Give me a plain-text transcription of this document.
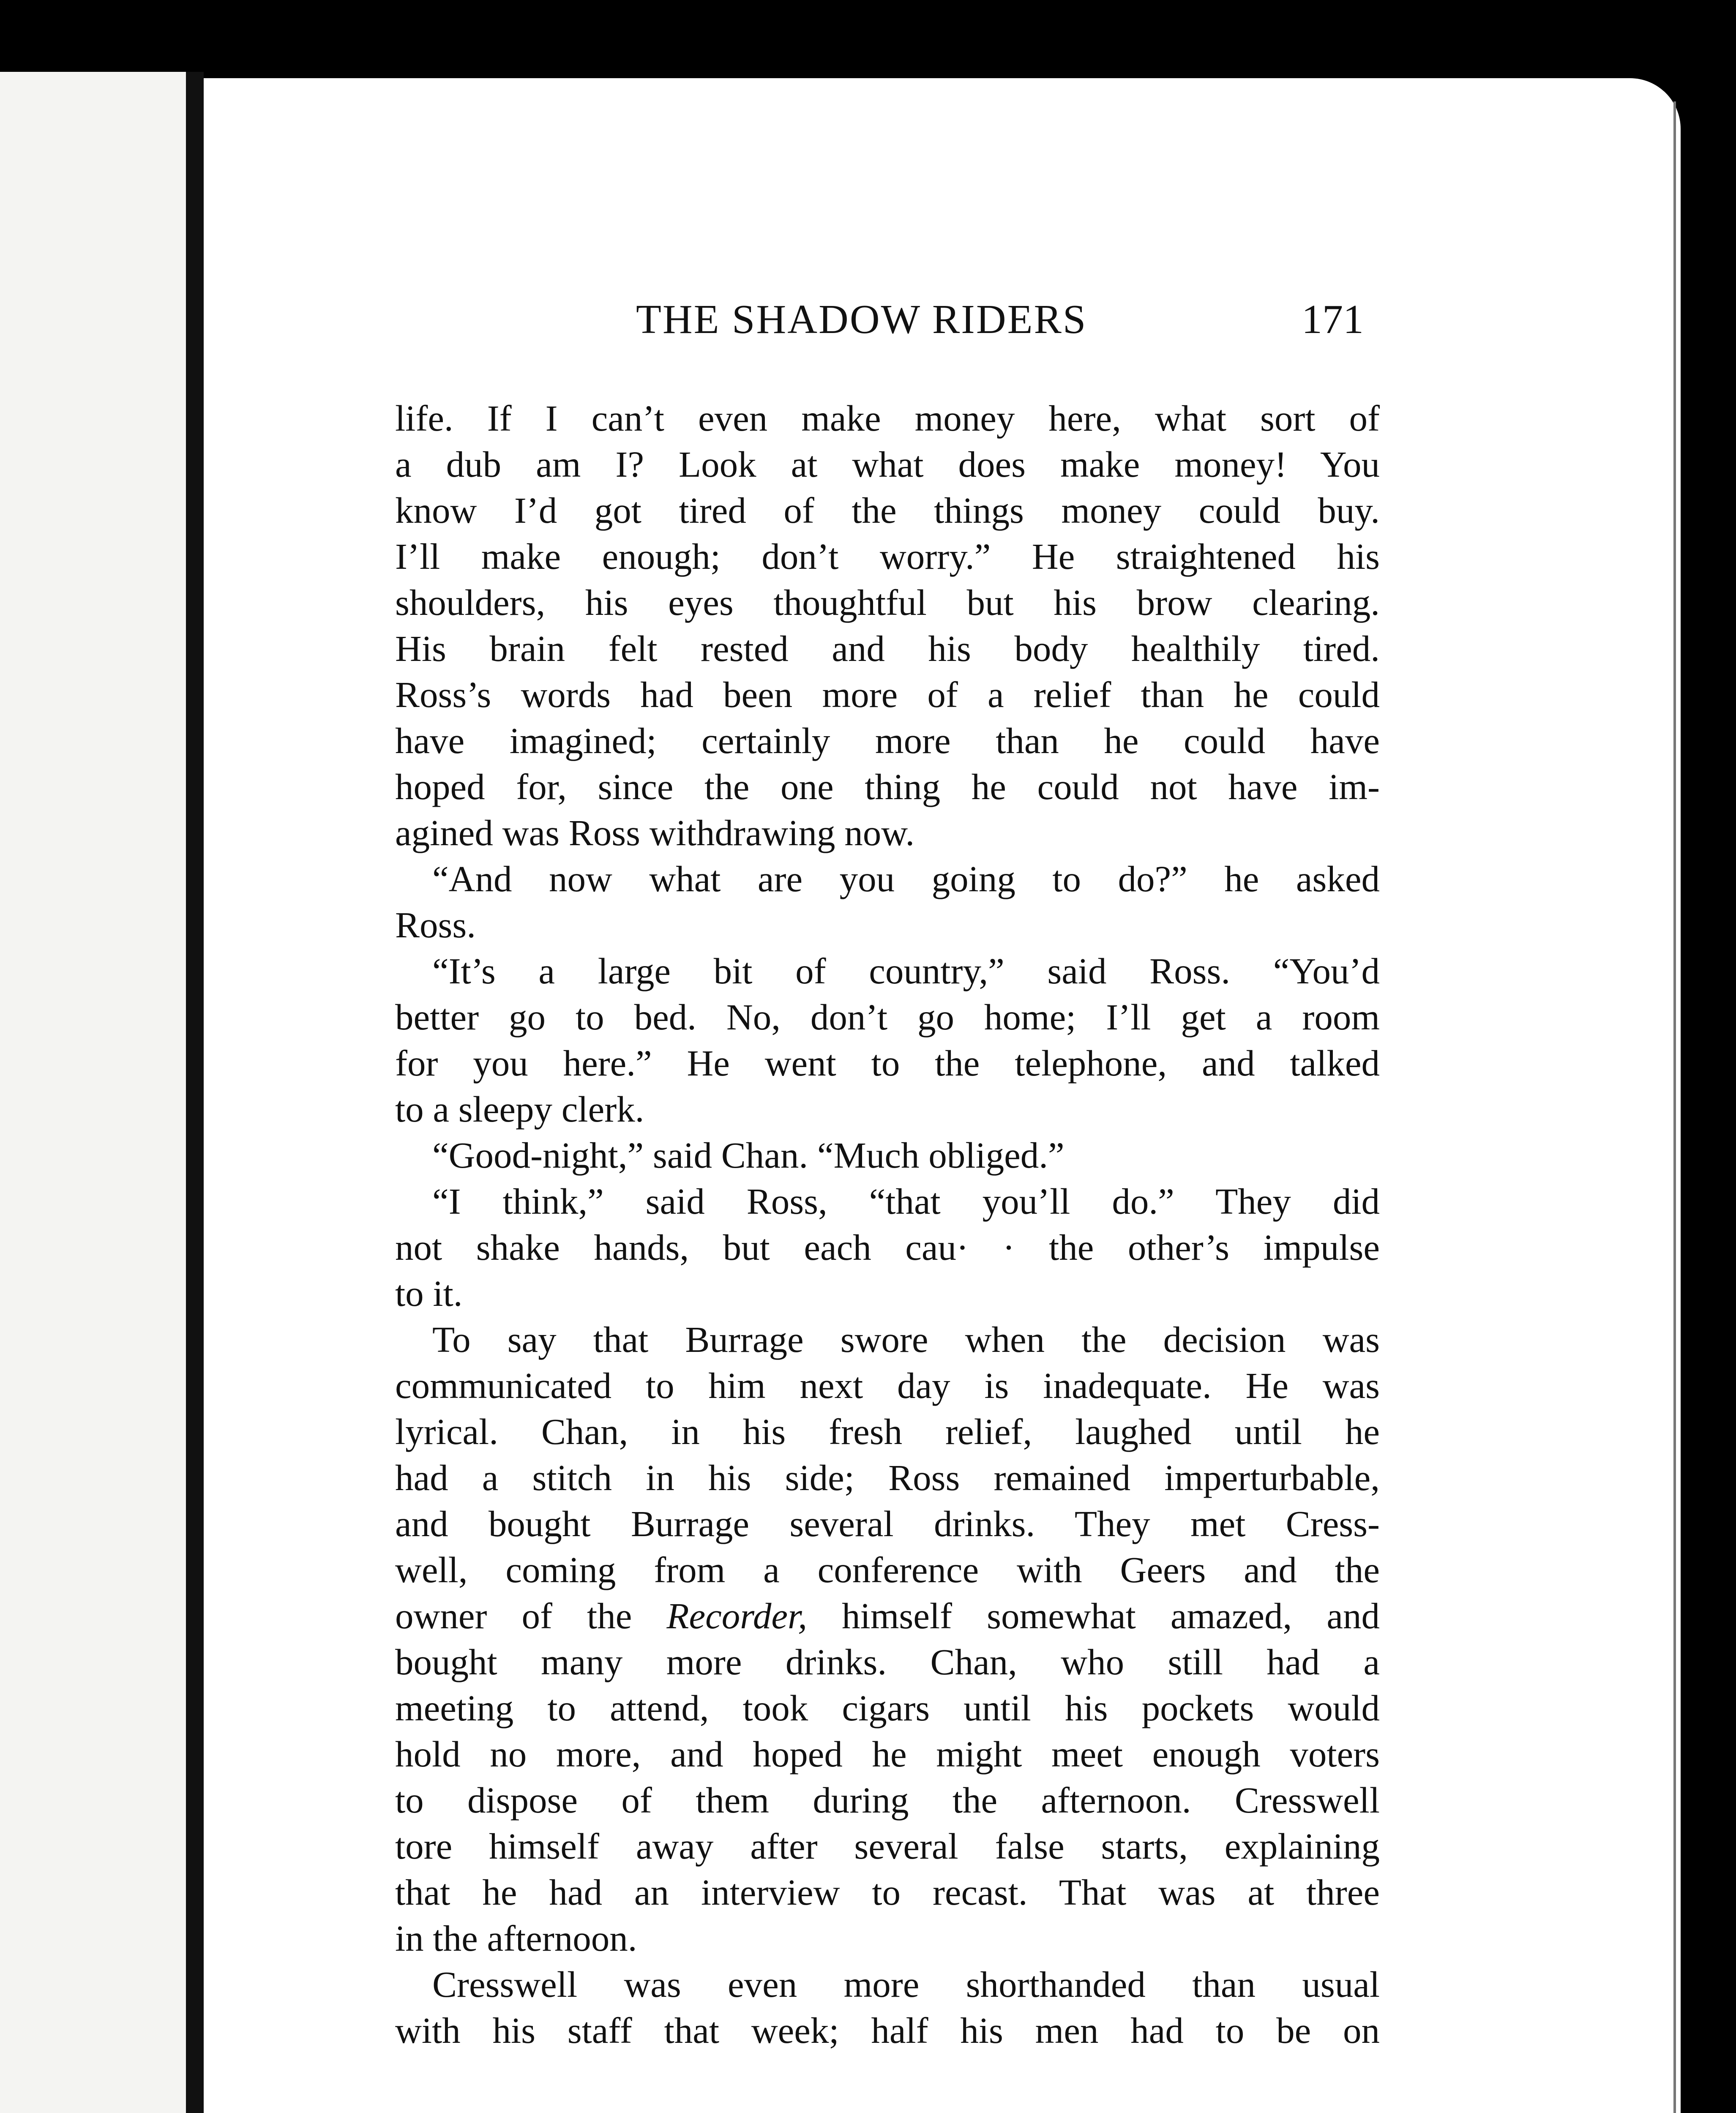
THE SHADOW RIDERS	171
life. If I can’t even make money here, what sort of
a dub am I? Look at what does make money! You
know I’d got tired of the things money could buy.
I’ll make enough; don’t worry.” He straightened his
shoulders, his eyes thoughtful but his brow clearing.
His brain felt rested and his body healthily tired.
Ross’s words had been more of a relief than he could
have imagined; certainly more than he could have
hoped for, since the one thing he could not have im-
agined was Ross withdrawing now.
“And now what are you going to do?” he asked
Ross.
“It’s a large bit of country,” said Ross. “You’d
better go to bed. No, don’t go home; I’ll get a room
for you here.” He went to the telephone, and talked
to a sleepy clerk.
“Good-night,” said Chan. “Much obliged.”
“I think,” said Ross, “that you’ll do.” They did
not shake hands, but each cau· · the other’s impulse
to it.
To say that Burrage swore when the decision was
communicated to him next day is inadequate. He was
lyrical. Chan, in his fresh relief, laughed until he
had a stitch in his side; Ross remained imperturbable,
and bought Burrage several drinks. They met Cress-
well, coming from a conference with Geers and the
owner of the Recorder, himself somewhat amazed, and
bought many more drinks. Chan, who still had a
meeting to attend, took cigars until his pockets would
hold no more, and hoped he might meet enough voters
to dispose of them during the afternoon. Cresswell
tore himself away after several false starts, explaining
that he had an interview to recast. That was at three
in the afternoon.
Cresswell was even more shorthanded than usual
with his staff that week; half his men had to be on
